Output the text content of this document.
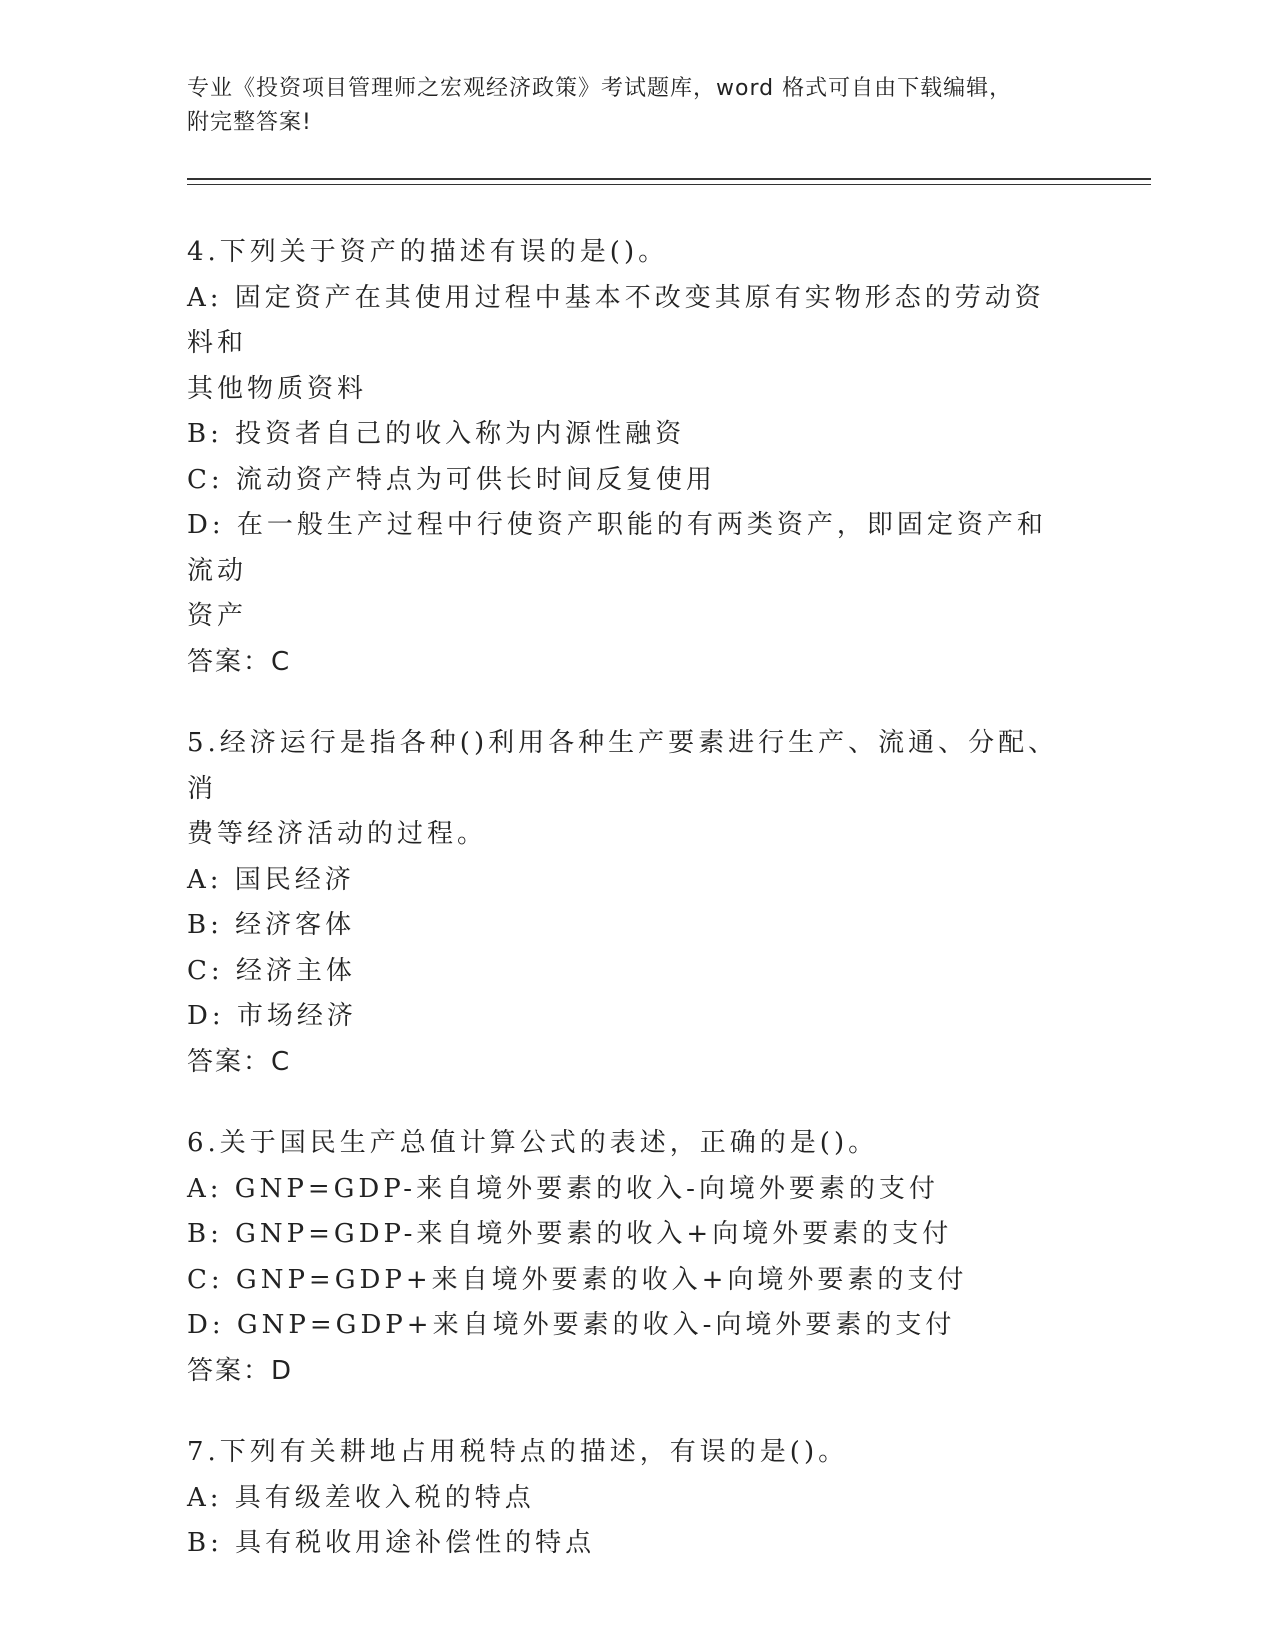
专业《投资项目管理师之宏观经济政策》考试题库，word 格式可自由下载编辑，
附完整答案!

4.下列关于资产的描述有误的是()。

A: 固定资产在其使用过程中基本不改变其原有实物形态的劳动资料和

其他物质资料

B: 投资者自己的收入称为内源性融资

C: 流动资产特点为可供长时间反复使用

D: 在一般生产过程中行使资产职能的有两类资产，即固定资产和流动

资产

答案：C

5.经济运行是指各种()利用各种生产要素进行生产、流通、分配、消

费等经济活动的过程。

A: 国民经济

B: 经济客体

C: 经济主体

D: 市场经济

答案：C

6.关于国民生产总值计算公式的表述，正确的是()。

A: GNP=GDP-来自境外要素的收入-向境外要素的支付

B: GNP=GDP-来自境外要素的收入+向境外要素的支付

C: GNP=GDP+来自境外要素的收入+向境外要素的支付

D: GNP=GDP+来自境外要素的收入-向境外要素的支付

答案：D

7.下列有关耕地占用税特点的描述，有误的是()。

A: 具有级差收入税的特点

B: 具有税收用途补偿性的特点
